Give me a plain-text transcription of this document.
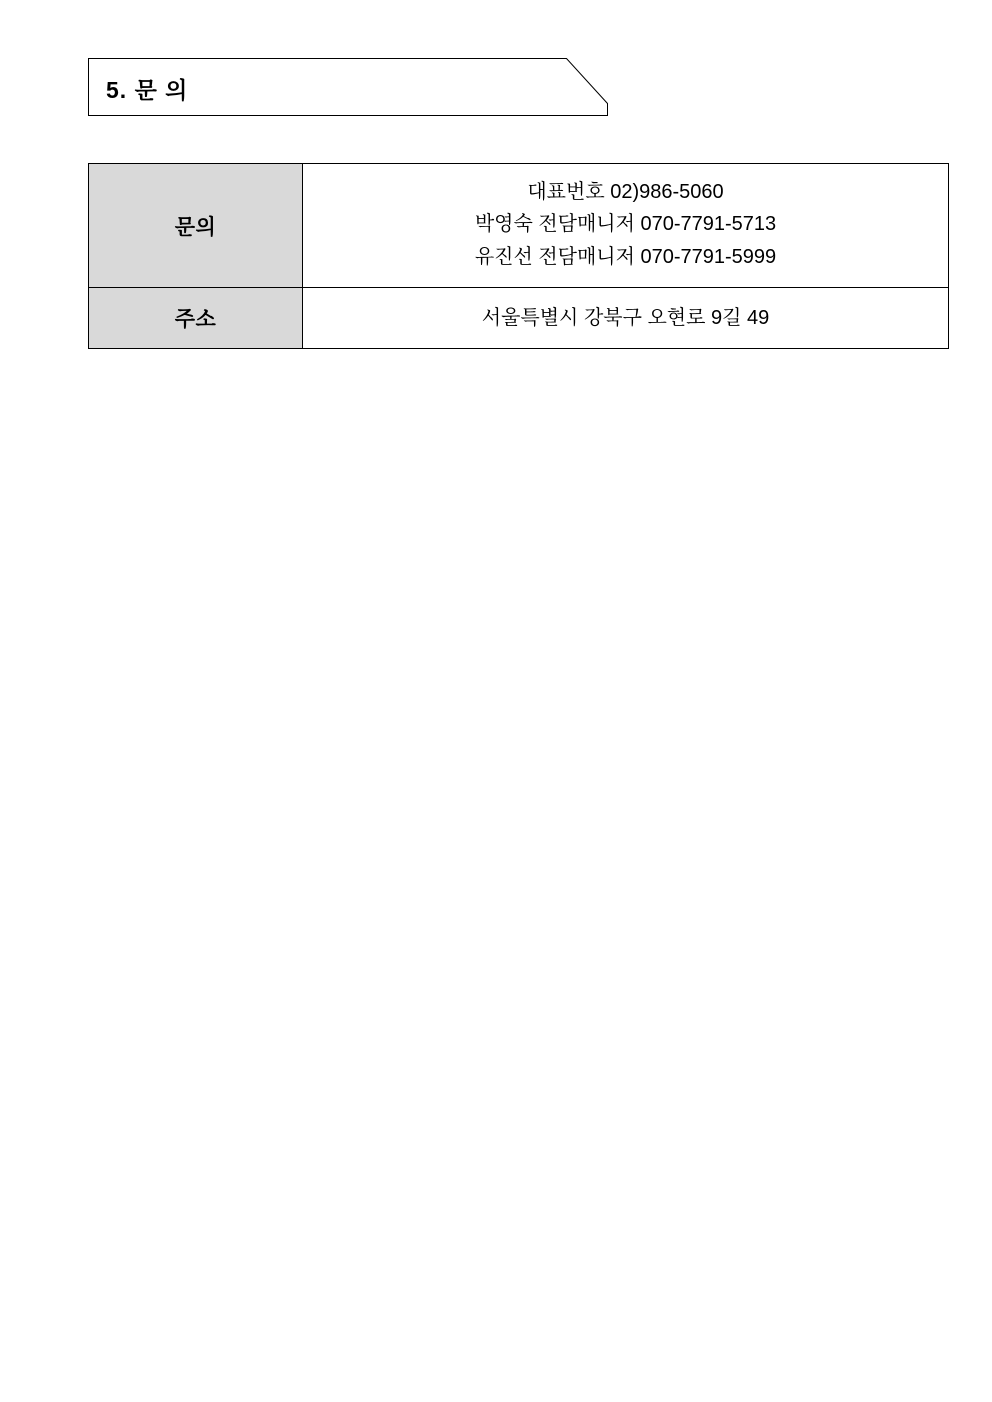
5. 문 의
문의	대표번호 02)986-5060
박영숙 전담매니저 070-7791-5713
유진선 전담매니저 070-7791-5999

주소	서울특별시 강북구 오현로 9길 49
